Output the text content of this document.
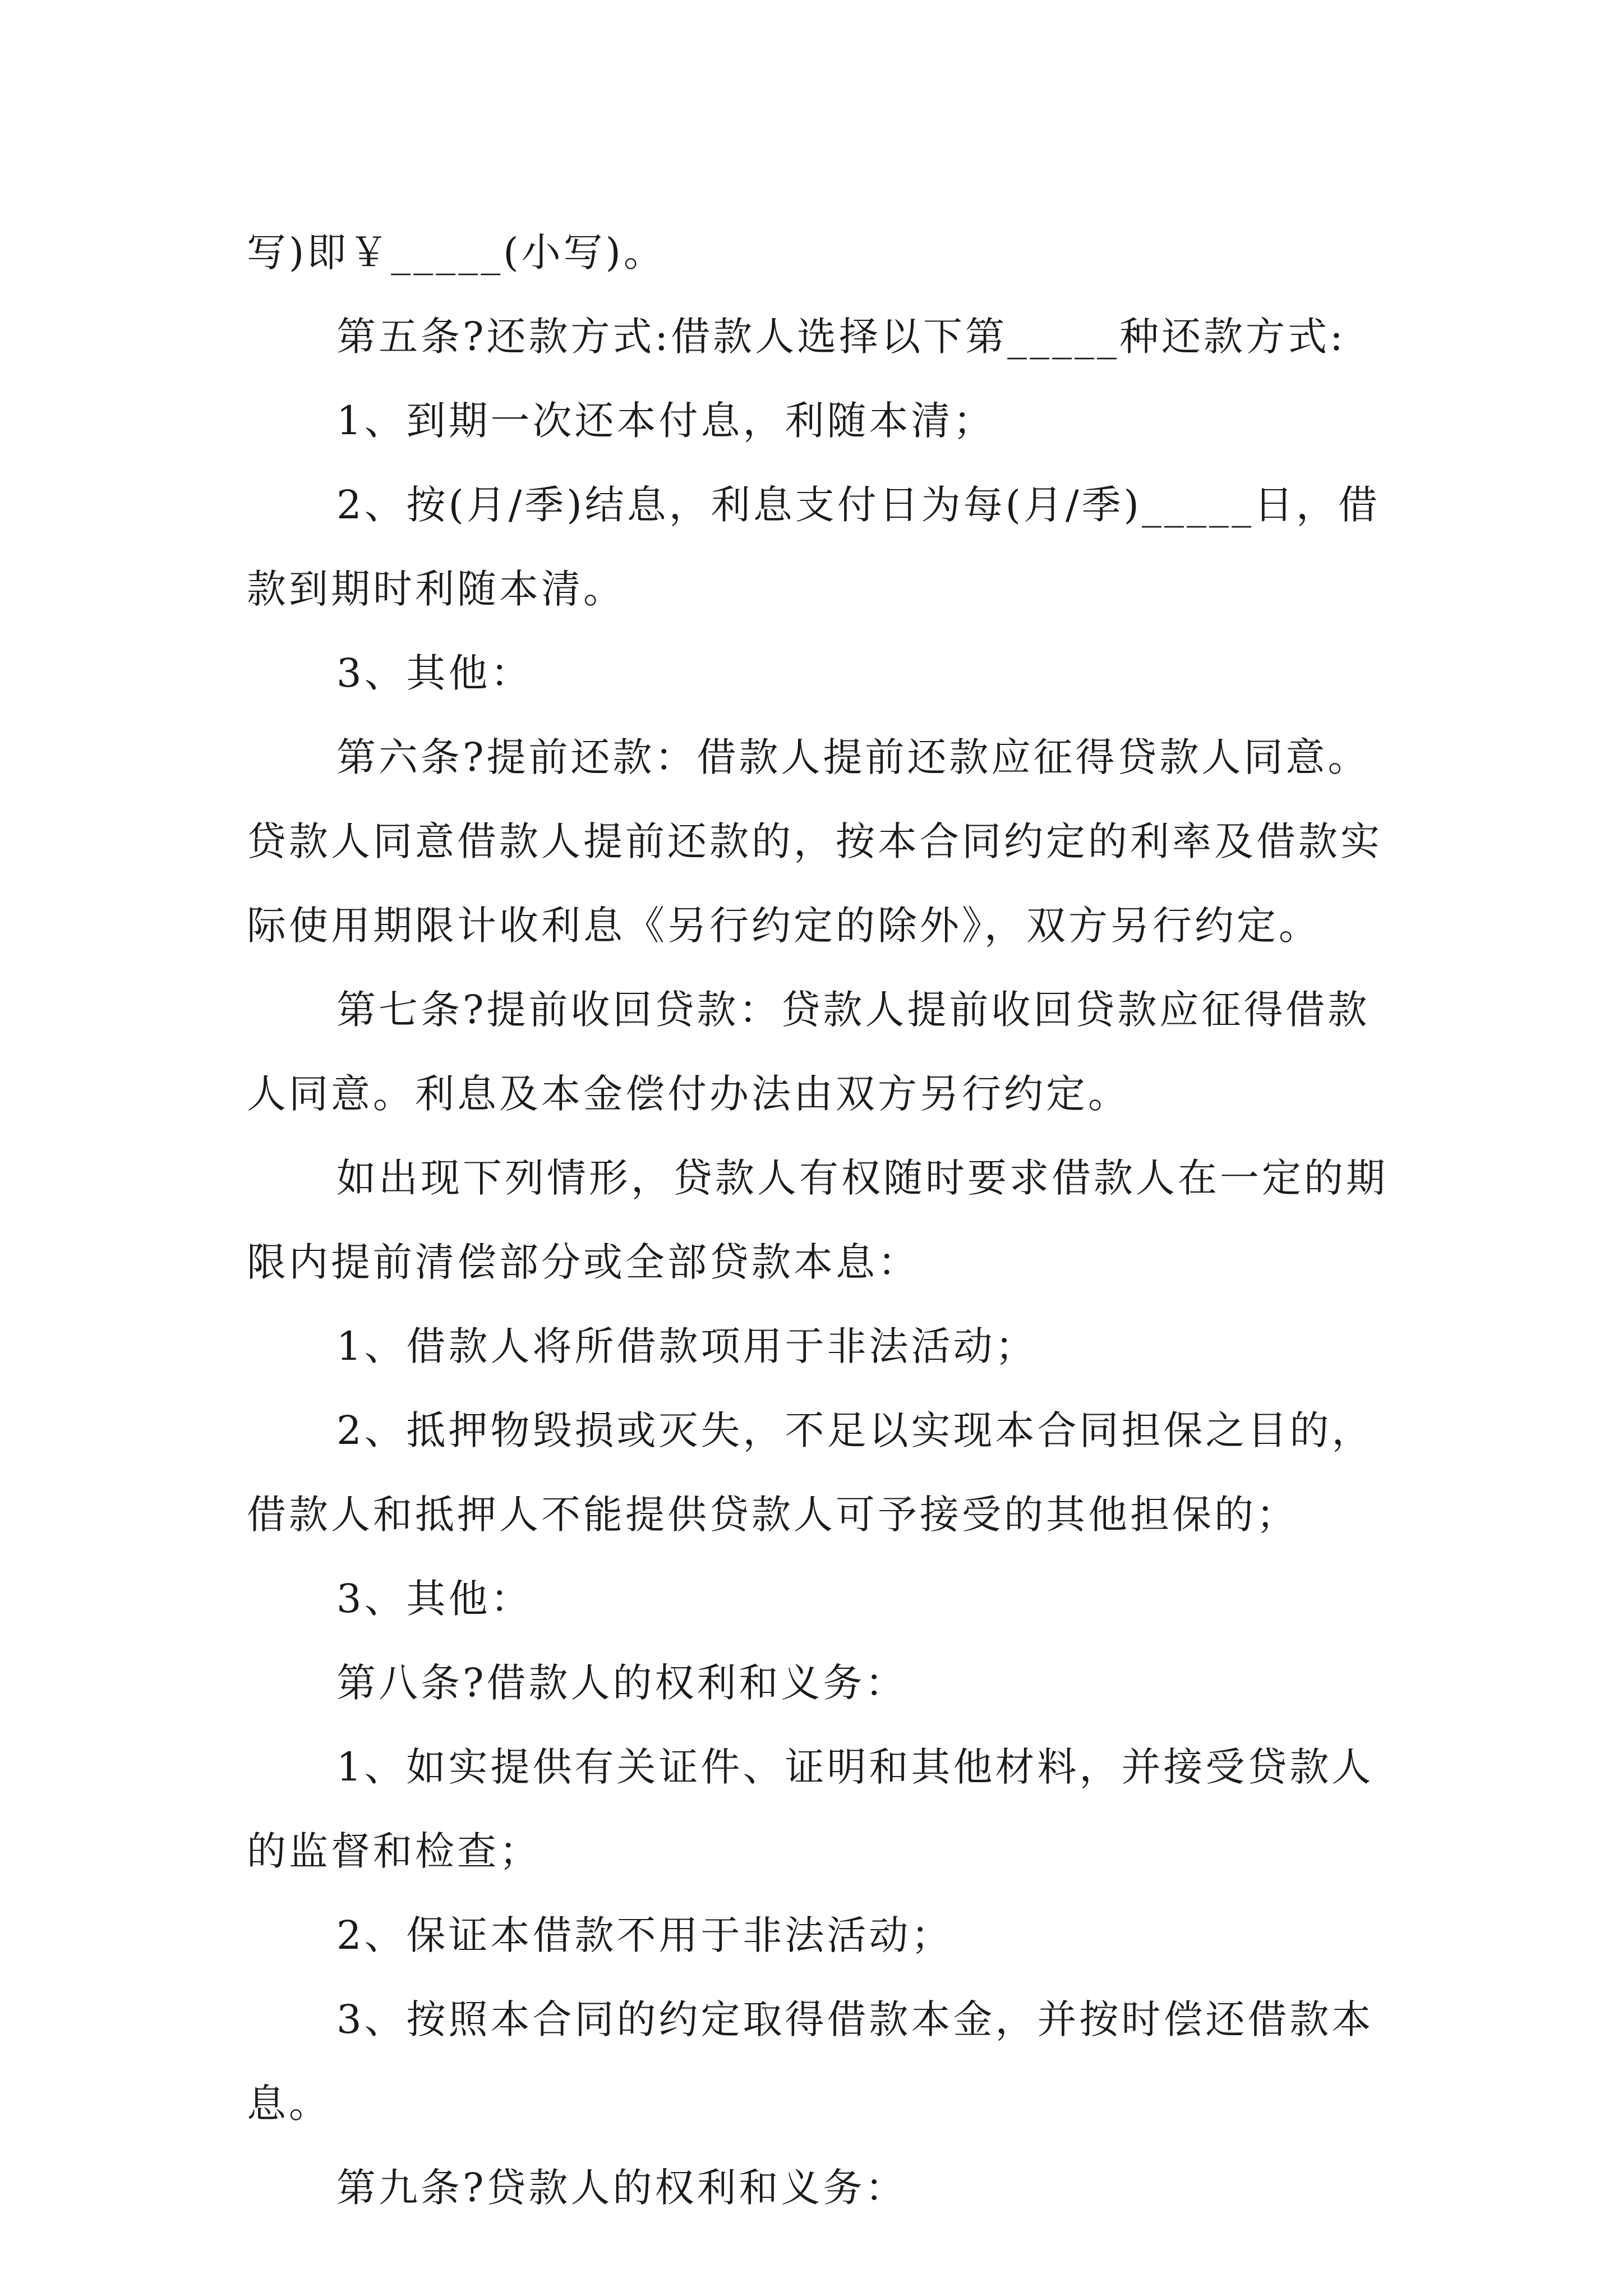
写)即￥_____(小写)。

第五条?还款方式:借款人选择以下第_____种还款方式:

1、到期一次还本付息，利随本清；

2、按(月/季)结息，利息支付日为每(月/季)_____日，借款到期时利随本清。

3、其他：

第六条?提前还款：借款人提前还款应征得贷款人同意。贷款人同意借款人提前还款的，按本合同约定的利率及借款实际使用期限计收利息《另行约定的除外》，双方另行约定。

第七条?提前收回贷款：贷款人提前收回贷款应征得借款人同意。利息及本金偿付办法由双方另行约定。

如出现下列情形，贷款人有权随时要求借款人在一定的期限内提前清偿部分或全部贷款本息：

1、借款人将所借款项用于非法活动；

2、抵押物毁损或灭失，不足以实现本合同担保之目的，借款人和抵押人不能提供贷款人可予接受的其他担保的；

3、其他：

第八条?借款人的权利和义务：

1、如实提供有关证件、证明和其他材料，并接受贷款人的监督和检查；

2、保证本借款不用于非法活动；

3、按照本合同的约定取得借款本金，并按时偿还借款本息。

第九条?贷款人的权利和义务：
